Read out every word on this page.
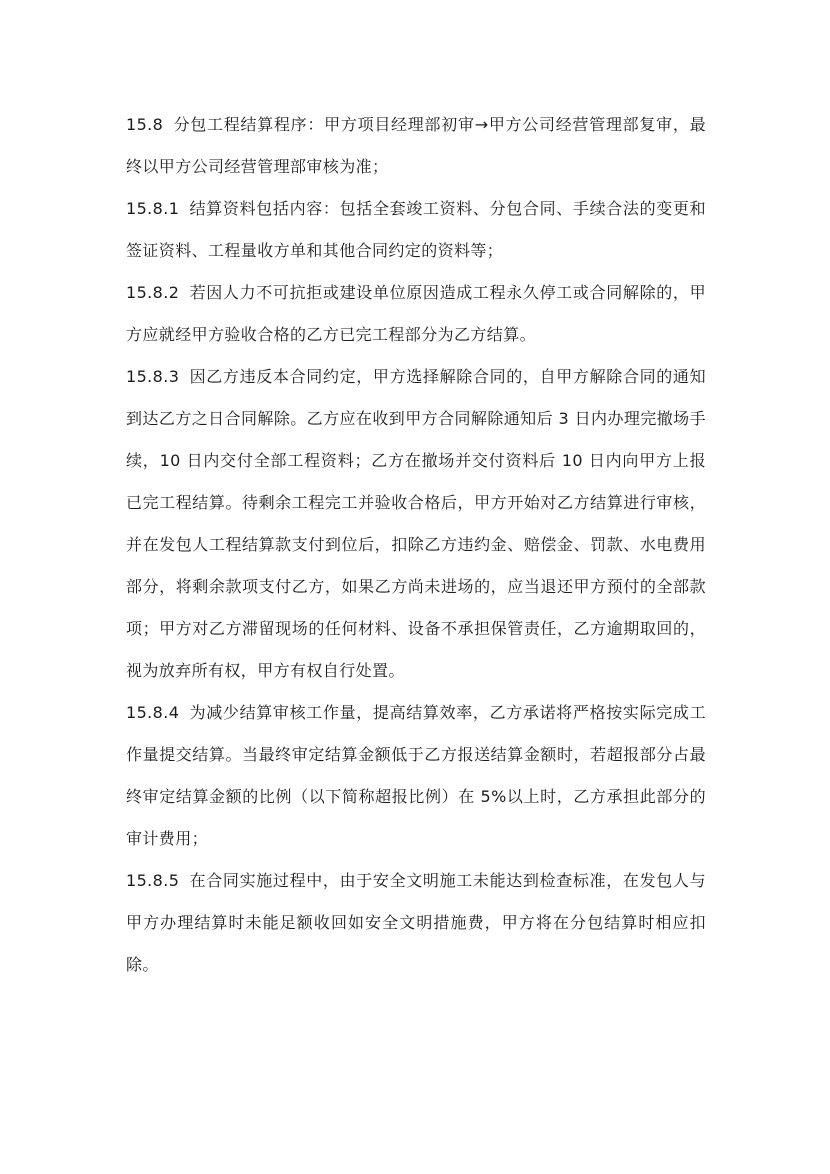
15.8 分包工程结算程序：甲方项目经理部初审→甲方公司经营管理部复审，最终以甲方公司经营管理部审核为准；

15.8.1 结算资料包括内容：包括全套竣工资料、分包合同、手续合法的变更和签证资料、工程量收方单和其他合同约定的资料等；

15.8.2 若因人力不可抗拒或建设单位原因造成工程永久停工或合同解除的，甲方应就经甲方验收合格的乙方已完工程部分为乙方结算。

15.8.3 因乙方违反本合同约定，甲方选择解除合同的，自甲方解除合同的通知到达乙方之日合同解除。乙方应在收到甲方合同解除通知后 3 日内办理完撤场手续，10 日内交付全部工程资料；乙方在撤场并交付资料后 10 日内向甲方上报已完工程结算。待剩余工程完工并验收合格后，甲方开始对乙方结算进行审核，并在发包人工程结算款支付到位后，扣除乙方违约金、赔偿金、罚款、水电费用部分，将剩余款项支付乙方，如果乙方尚未进场的，应当退还甲方预付的全部款项；甲方对乙方滞留现场的任何材料、设备不承担保管责任，乙方逾期取回的，视为放弃所有权，甲方有权自行处置。

15.8.4 为减少结算审核工作量，提高结算效率，乙方承诺将严格按实际完成工作量提交结算。当最终审定结算金额低于乙方报送结算金额时，若超报部分占最终审定结算金额的比例（以下简称超报比例）在 5%以上时，乙方承担此部分的审计费用；

15.8.5 在合同实施过程中，由于安全文明施工未能达到检查标准，在发包人与甲方办理结算时未能足额收回如安全文明措施费，甲方将在分包结算时相应扣除。
